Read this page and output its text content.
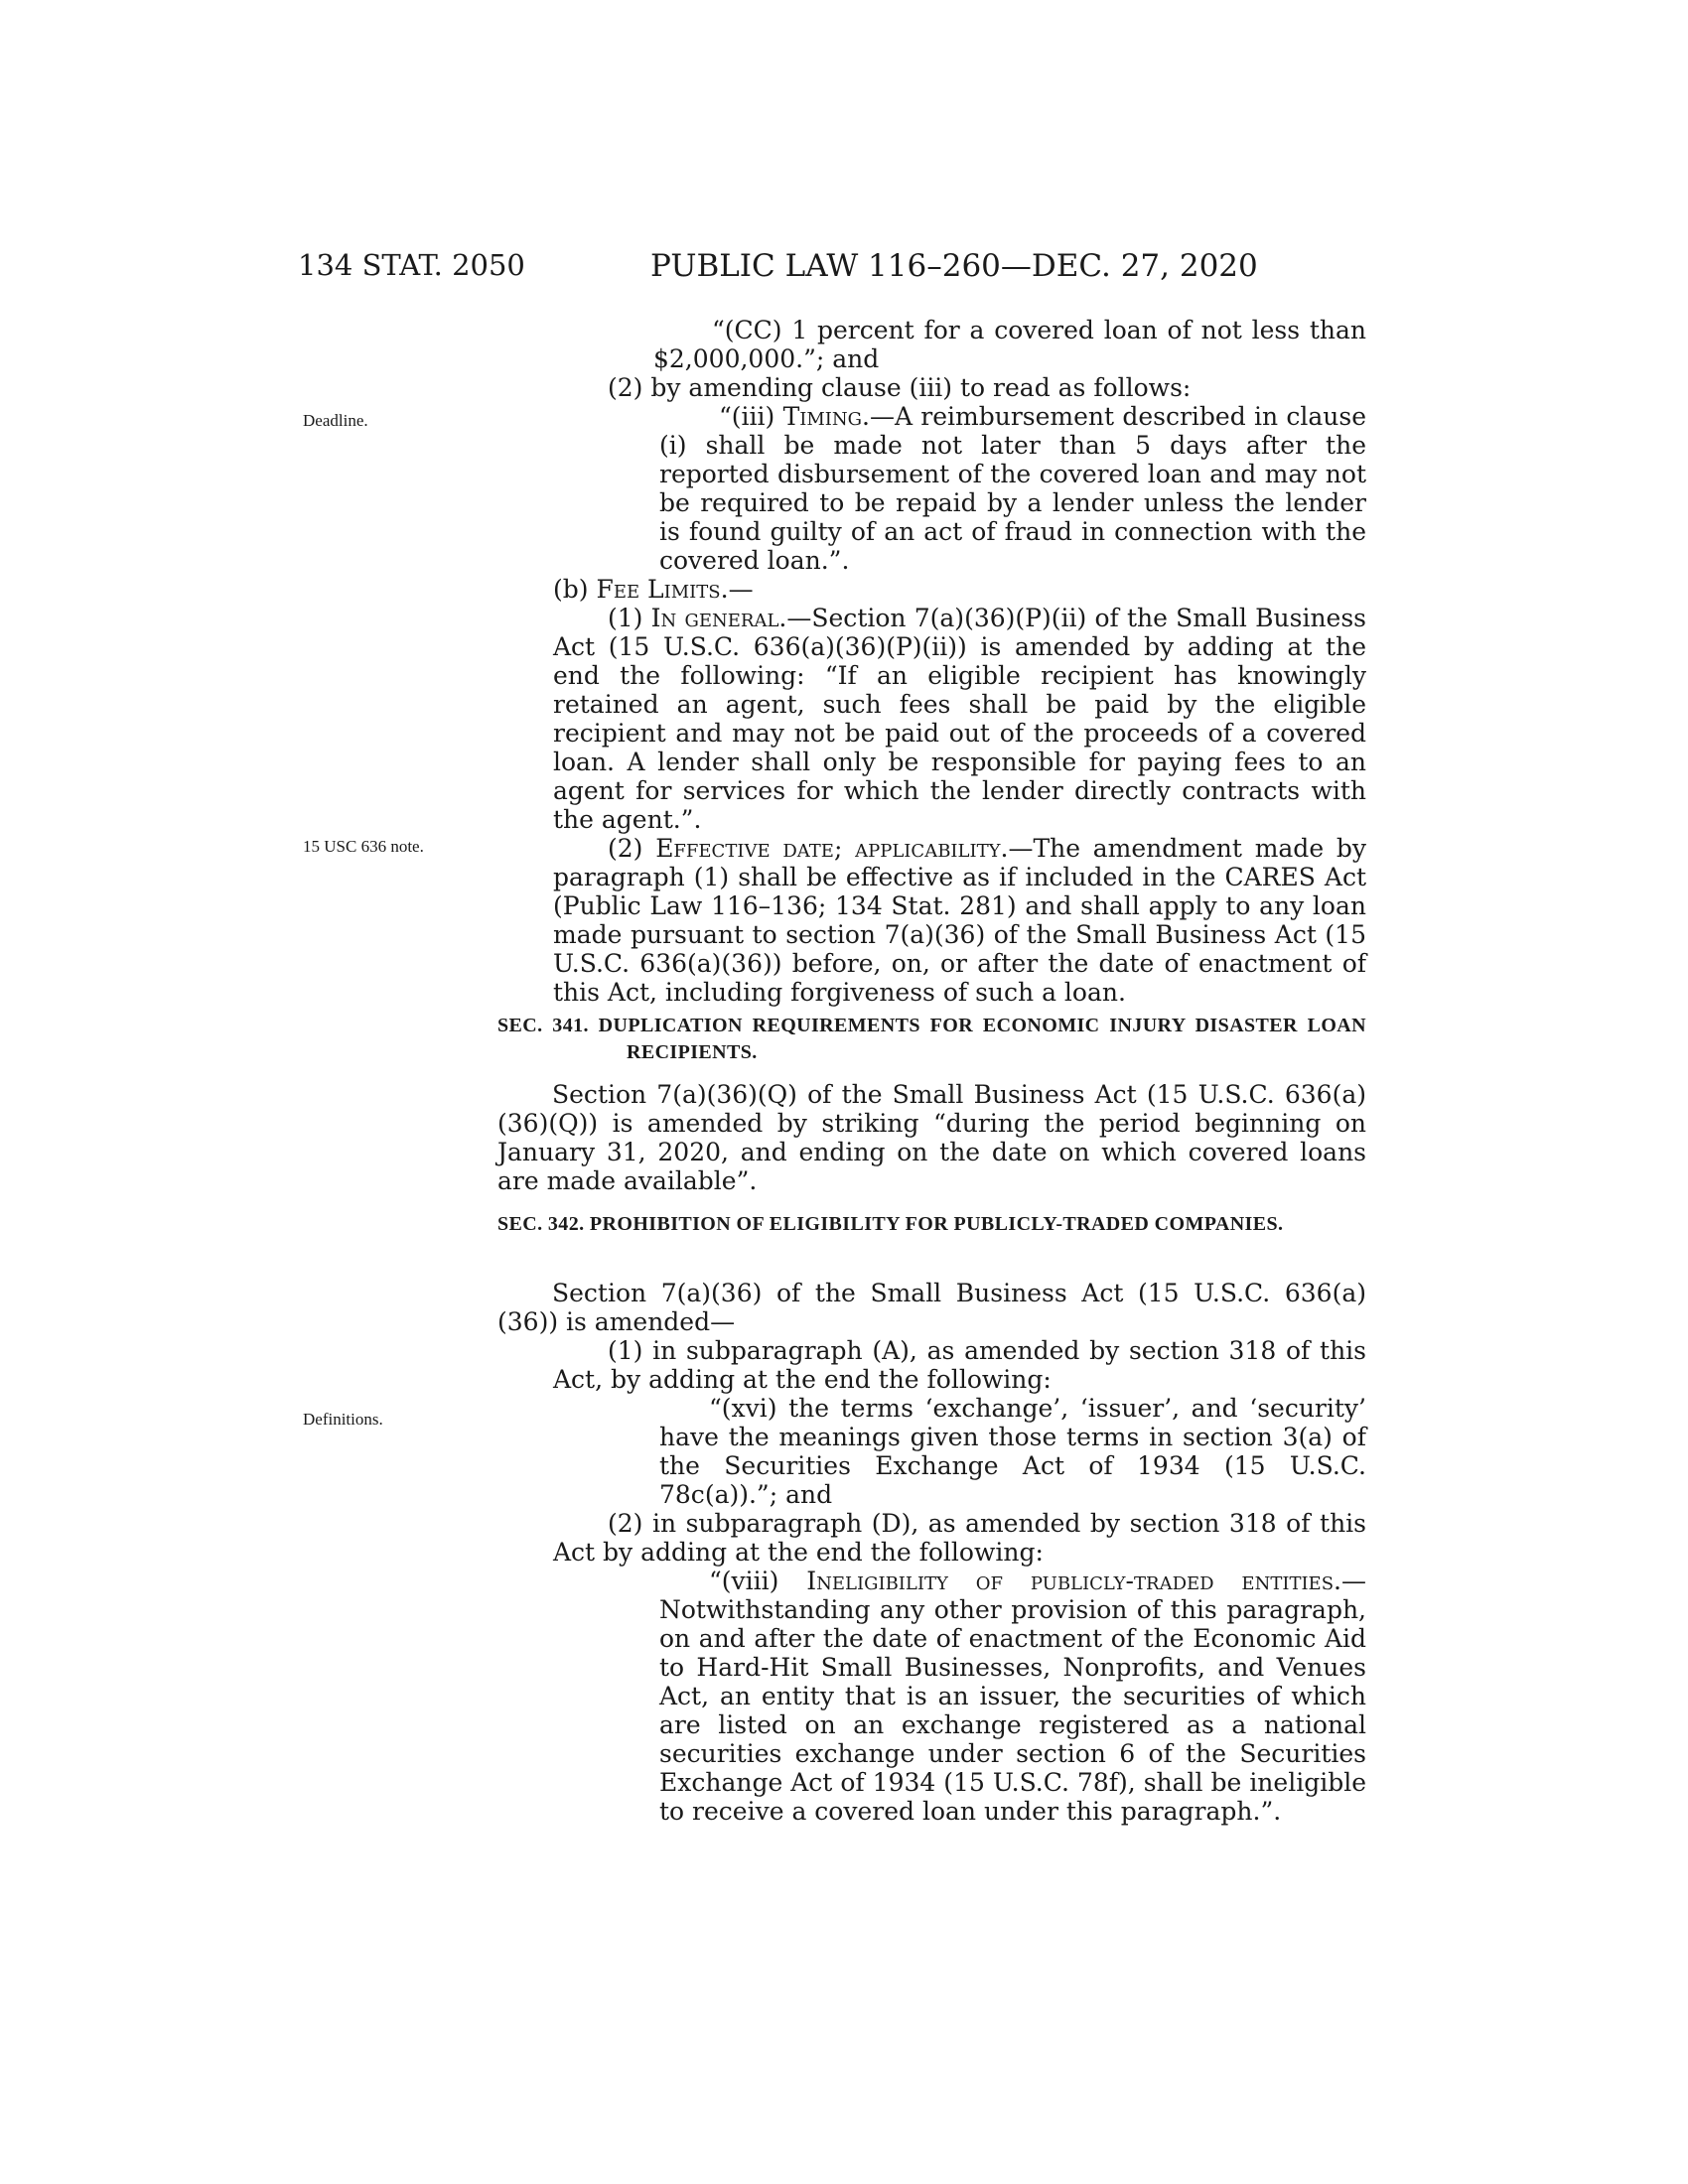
134 STAT. 2050	PUBLIC LAW 116–260—DEC. 27, 2020
Deadline.
15 USC 636 note.
Definitions.

“(CC) 1 percent for a covered loan of not less than $2,000,000.”; and

(2) by amending clause (iii) to read as follows:

“(iii) Timing.—A reimbursement described in clause (i) shall be made not later than 5 days after the reported disbursement of the covered loan and may not be required to be repaid by a lender unless the lender is found guilty of an act of fraud in connection with the covered loan.”.

(b) Fee Limits.—

(1) In general.—Section 7(a)(36)(P)(ii) of the Small Business Act (15 U.S.C. 636(a)(36)(P)(ii)) is amended by adding at the end the following: “If an eligible recipient has knowingly retained an agent, such fees shall be paid by the eligible recipient and may not be paid out of the proceeds of a covered loan. A lender shall only be responsible for paying fees to an agent for services for which the lender directly contracts with the agent.”.

(2) Effective date; applicability.—The amendment made by paragraph (1) shall be effective as if included in the CARES Act (Public Law 116–136; 134 Stat. 281) and shall apply to any loan made pursuant to section 7(a)(36) of the Small Business Act (15 U.S.C. 636(a)(36)) before, on, or after the date of enactment of this Act, including forgiveness of such a loan.

SEC. 341. DUPLICATION REQUIREMENTS FOR ECONOMIC INJURY DISASTER LOAN RECIPIENTS.

Section 7(a)(36)(Q) of the Small Business Act (15 U.S.C. 636(a)(36)(Q)) is amended by striking “during the period beginning on January 31, 2020, and ending on the date on which covered loans are made available”.

SEC. 342. PROHIBITION OF ELIGIBILITY FOR PUBLICLY-TRADED COMPANIES.

Section 7(a)(36) of the Small Business Act (15 U.S.C. 636(a)(36)) is amended—

(1) in subparagraph (A), as amended by section 318 of this Act, by adding at the end the following:

“(xvi) the terms ‘exchange’, ‘issuer’, and ‘security’ have the meanings given those terms in section 3(a) of the Securities Exchange Act of 1934 (15 U.S.C. 78c(a)).”; and

(2) in subparagraph (D), as amended by section 318 of this Act by adding at the end the following:

“(viii) Ineligibility of publicly-traded entities.—Notwithstanding any other provision of this paragraph, on and after the date of enactment of the Economic Aid to Hard-Hit Small Businesses, Nonprofits, and Venues Act, an entity that is an issuer, the securities of which are listed on an exchange registered as a national securities exchange under section 6 of the Securities Exchange Act of 1934 (15 U.S.C. 78f), shall be ineligible to receive a covered loan under this paragraph.”.
